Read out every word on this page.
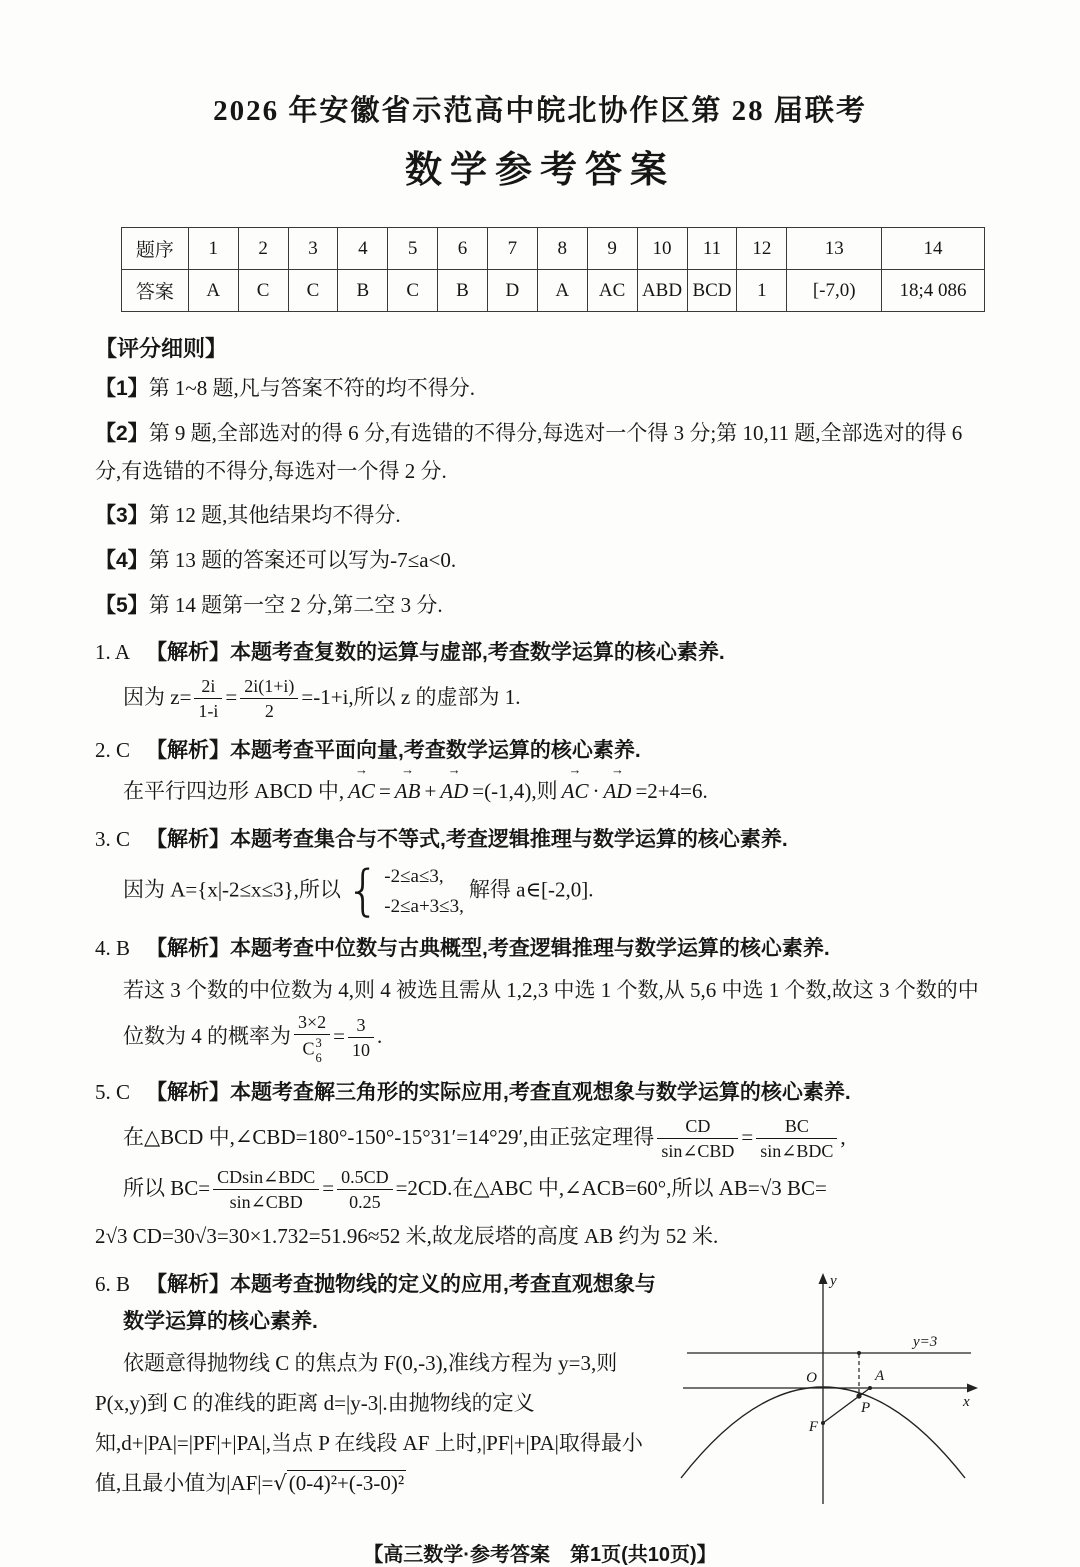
2026 年安徽省示范高中皖北协作区第 28 届联考
数学参考答案
题序	1	2	3	4	5	6	7	8	9	10	11	12	13	14
答案	A	C	C	B	C	B	D	A	AC	ABD	BCD	1	[-7,0)	18;4 086
【评分细则】

【1】第 1~8 题,凡与答案不符的均不得分.

【2】第 9 题,全部选对的得 6 分,有选错的不得分,每选对一个得 3 分;第 10,11 题,全部选对的得 6 分,有选错的不得分,每选对一个得 2 分.

【3】第 12 题,其他结果均不得分.

【4】第 13 题的答案还可以写为-7≤a<0.

【5】第 14 题第一空 2 分,第二空 3 分.

1. A 【解析】本题考查复数的运算与虚部,考查数学运算的核心素养.

因为 $z= \frac{2i}{1-i} = \frac{2i(1+i)}{2} =-1+i$,所以 z 的虚部为 1.

2. C 【解析】本题考查平面向量,考查数学运算的核心素养.

在平行四边形 ABCD 中, → AC = → AB + → AD =(-1,4),则 → AC · → AD =2+4=6.

3. C 【解析】本题考查集合与不等式,考查逻辑推理与数学运算的核心素养.

因为 A={x|-2≤x≤3},所以 { -2≤a≤3,
-2≤a+3≤3,
解得 a∈[-2,0].

4. B 【解析】本题考查中位数与古典概型,考查逻辑推理与数学运算的核心素养.

若这 3 个数的中位数为 4,则 4 被选且需从 1,2,3 中选 1 个数,从 5,6 中选 1 个数,故这 3 个数的中位数为 4 的概率为 3×2
C 3
$6 = \frac{3}{10}$ .

5. C 【解析】本题考查解三角形的实际应用,考查直观想象与数学运算的核心素养.

在△BCD 中,∠CBD=180°-150°-15°31′=14°29′,由正弦定理得 $\frac{CD}{\text{sin∠CBD}} = \frac{BC}{\text{sin∠BDC}}$ ,

所以 $BC= \frac{\text{CDsin∠BDC}}{\text{sin∠CBD}} = \frac{0.5CD}{0.25} =2CD$.在△ABC 中,∠ACB=60°,所以 AB=√3 BC=

2√3 CD=30√3=30×1.732=51.96≈52 米,故龙辰塔的高度 AB 约为 52 米.

y
x
O	A
P
F
y=3

6. B 【解析】本题考查抛物线的定义的应用,考查直观想象与数学运算的核心素养.

依题意得抛物线 C 的焦点为 F(0,-3),准线方程为 y=3,则 P(x,y)到 C 的准线的距离 d=|y-3|.由抛物线的定义知,d+|PA|=|PF|+|PA|,当点 P 在线段 AF 上时,|PF|+|PA|取得最小值,且最小值为|AF|=√(0-4)²+(-3-0)²

【高三数学·参考答案　第1页(共10页)】
